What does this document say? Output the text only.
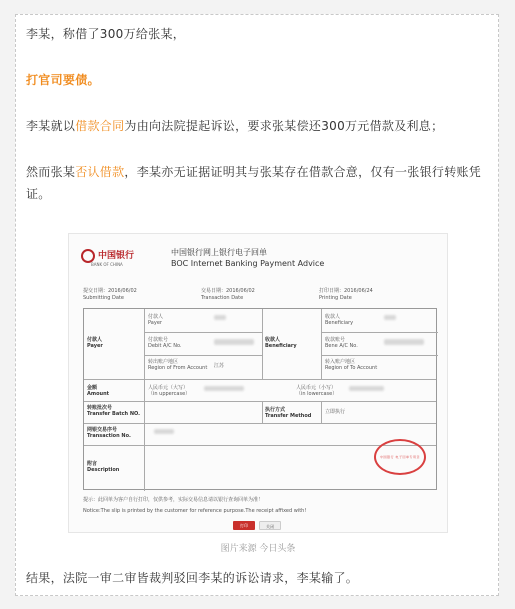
李某，称借了300万给张某，
打官司要债。
李某就以借款合同为由向法院提起诉讼，要求张某偿还300万元借款及利息；
然而张某否认借款，李某亦无证据证明其与张某存在借款合意，仅有一张银行转账凭证。
中国银行
BANK OF CHINA
中国银行网上银行电子回单
BOC Internet Banking Payment Advice
提交日期：2016/06/02
Submitting Date
交易日期：2016/06/02
Transaction Date
打印日期：2016/06/24
Printing Date
付款人
Payer
付款人
Payer
付款账号
Debit A/C No.
转出账户地区
Region of From Account 江苏
收款人
Beneficiary
收款人
Beneficiary
收款账号
Bene A/C No.
转入账户地区
Region of To Account
金额
Amount
人民币元（大写）
（in uppercase）
人民币元（小写）
（in lowercase）
转账批次号
Transfer Batch NO.
执行方式
Transfer Method
立即执行
网银交易序号
Transaction No.
附言
Description
中国银行 电子回单专用章
提示：此回单为客户自行打印，仅供参考，实际交易信息请以银行查询回单为准！
Notice:The slip is printed by the customer for reference purpose.The receipt affixed with!
打印	关闭
图片来源 今日头条
结果，法院一审二审皆裁判驳回李某的诉讼请求，李某输了。
